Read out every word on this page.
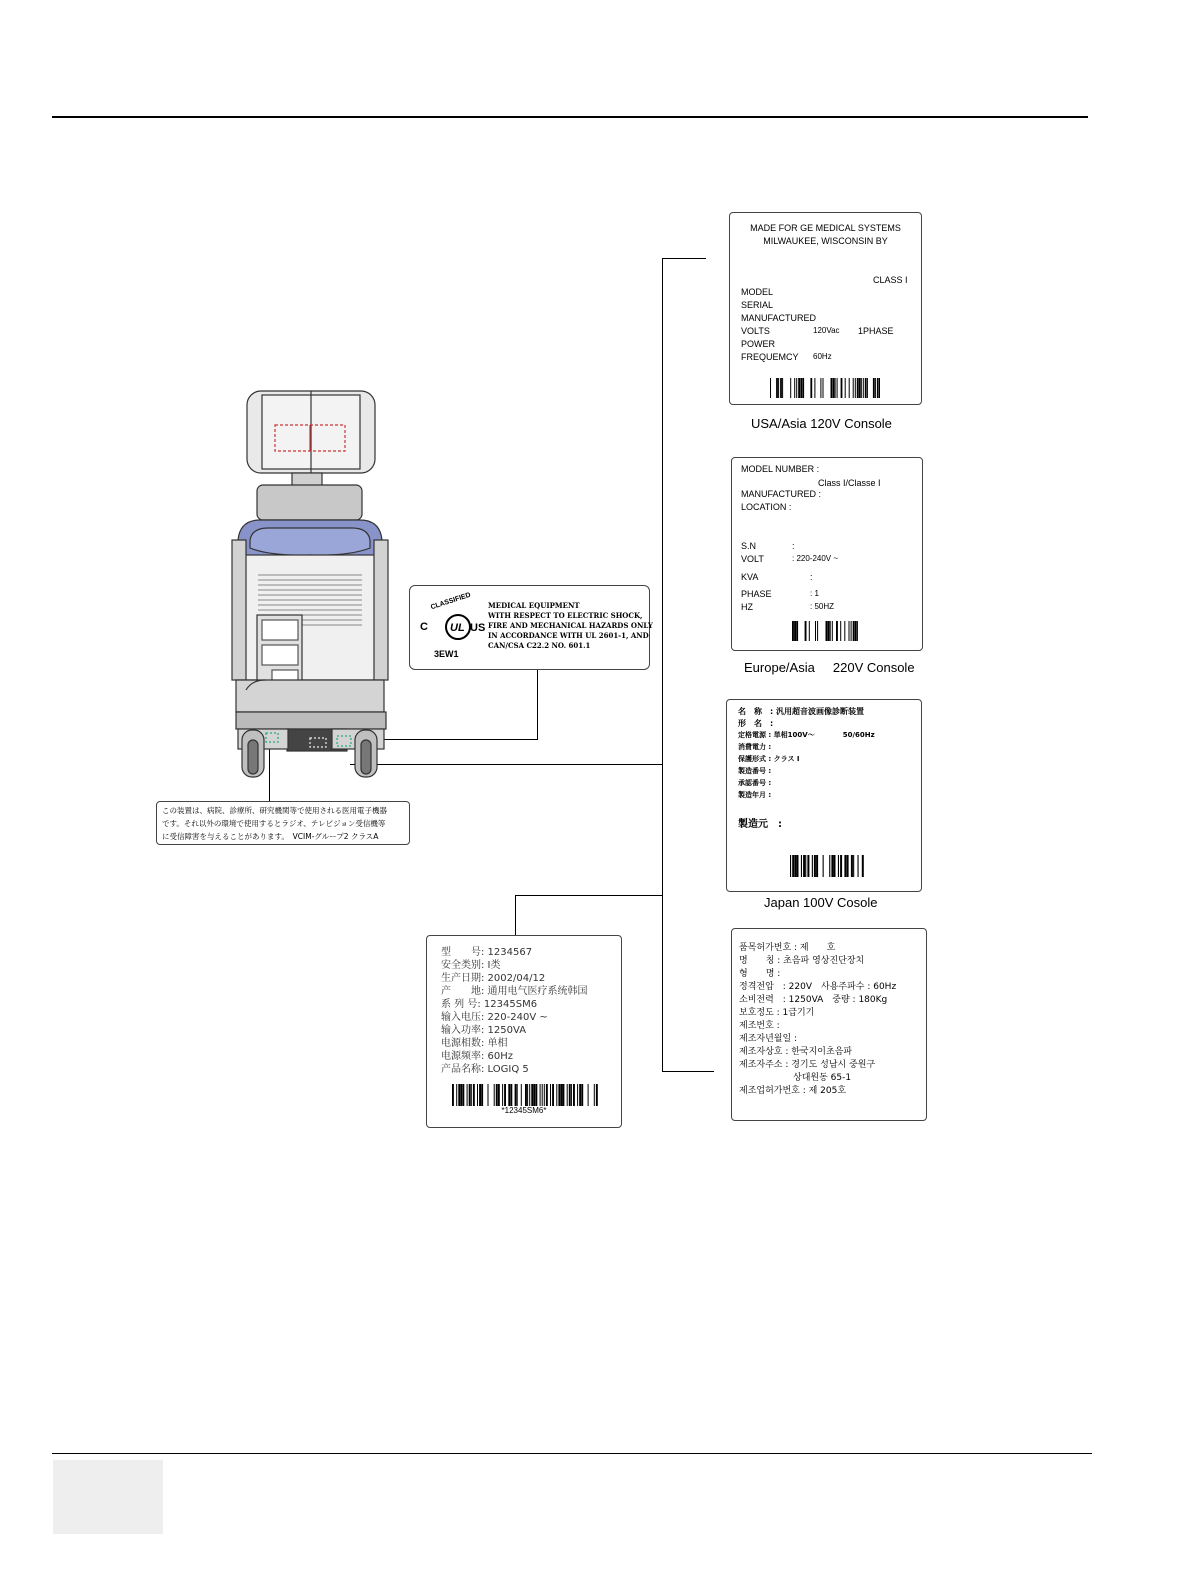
MADE FOR GE MEDICAL SYSTEMS
MILWAUKEE, WISCONSIN BY
CLASS I
MODEL
SERIAL
MANUFACTURED
VOLTS	120Vac 1PHASE
POWER
FREQUEMCY 60Hz
USA/Asia 120V Console
MODEL NUMBER :
Class I/Classe I
MANUFACTURED :
LOCATION :
S.N	:
VOLT	: 220-240V ~
KVA	:
PHASE	: 1
HZ	: 50HZ
Europe/Asia     220V Console
CLASSIFIED
C UL US
3EW1
MEDICAL EQUIPMENT
WITH RESPECT TO ELECTRIC SHOCK,
FIRE AND MECHANICAL HAZARDS ONLY
IN ACCORDANCE WITH UL 2601-1, AND
CAN/CSA C22.2 NO. 601.1
名　称　: 汎用超音波画像診断装置
形　名　:
定格電源 : 単相100V～　　　　50/60Hz
消費電力 :
保護形式 : クラス I
製造番号 :
承認番号 :
製造年月 :
製造元　:
Japan 100V Cosole
この装置は、病院、診療所、研究機関等で使用される医用電子機器
です。それ以外の環境で使用するとラジオ、テレビジョン受信機等
に受信障害を与えることがあります。　VCIM-グループ2 クラスA
型　　号: 1234567
安全类别: I类
生产日期: 2002/04/12
产　　地: 通用电气医疗系统韩国
系 列 号: 12345SM6
输入电压: 220-240V ~
输入功率: 1250VA
电源相数: 单相
电源频率: 60Hz
产品名称: LOGIQ 5
*12345SM6*
품목허가번호 : 제　　호
명　　칭 : 초음파 영상진단장치
형　　명 :
정격전압　: 220V　사용주파수 : 60Hz
소비전력　: 1250VA　중량 : 180Kg
보호정도 : 1급기기
제조번호 :
제조자년월일 :
제조자상호 : 한국지이초음파
제조자주소 : 경기도 성남시 중원구
　　　　　　상대원동 65-1
제조업허가번호 : 제 205호
